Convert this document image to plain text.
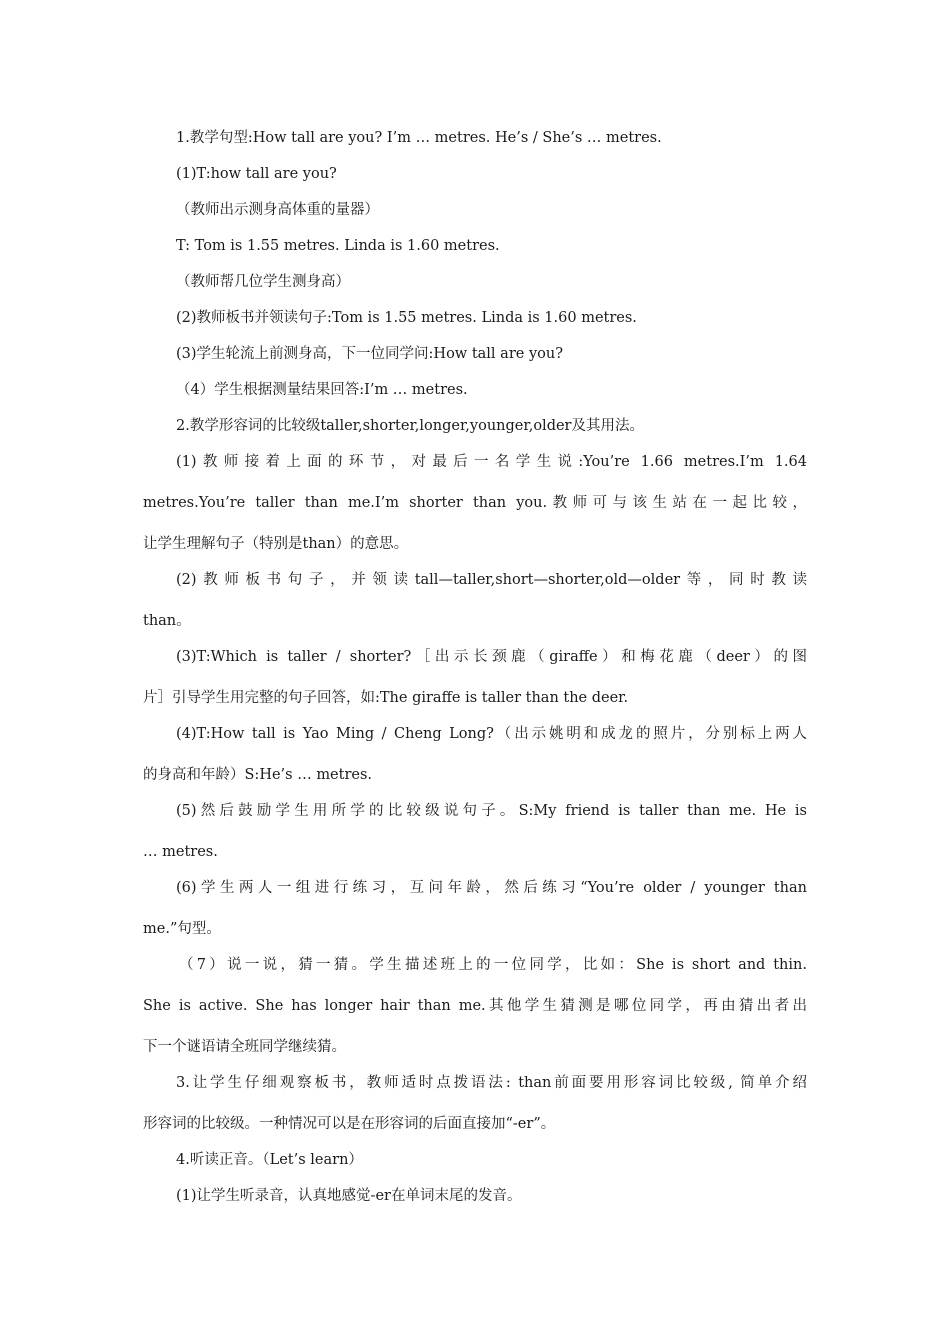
1.教学句型:How tall are you? I’m … metres. He’s / She’s … metres.
(1)T:how tall are you?
（教师出示测身高体重的量器）
T: Tom is 1.55 metres. Linda is 1.60 metres.
（教师帮几位学生测身高）
(2)教师板书并领读句子:Tom is 1.55 metres. Linda is 1.60 metres.
(3)学生轮流上前测身高，下一位同学问:How tall are you?
（4）学生根据测量结果回答:I’m … metres.
2.教学形容词的比较级taller,shorter,longer,younger,older及其用法。
(1)教师接着上面的环节，对最后一名学生说:You’re 1.66 metres.I’m 1.64
metres.You’re taller than me.I’m shorter than you.教师可与该生站在一起比较，
让学生理解句子（特别是than）的意思。
(2)教师板书句子，并领读tall—taller,short—shorter,old—older等，同时教读
than。
(3)T:Which is taller / shorter?［出示长颈鹿（giraffe）和梅花鹿（deer）的图
片］引导学生用完整的句子回答，如:The giraffe is taller than the deer.
(4)T:How tall is Yao Ming / Cheng Long?（出示姚明和成龙的照片，分别标上两人
的身高和年龄）S:He’s … metres.
(5)然后鼓励学生用所学的比较级说句子。S:My friend is taller than me. He is
… metres.
(6)学生两人一组进行练习，互问年龄，然后练习“You’re older / younger than
me.”句型。
（7）说一说，猜一猜。学生描述班上的一位同学，比如：She is short and thin.
She is active. She has longer hair than me.其他学生猜测是哪位同学，再由猜出者出
下一个谜语请全班同学继续猜。
3.让学生仔细观察板书，教师适时点拨语法: than前面要用形容词比较级, 简单介绍
形容词的比较级。一种情况可以是在形容词的后面直接加“-er”。
4.听读正音。（Let’s learn）
(1)让学生听录音，认真地感觉-er在单词末尾的发音。
